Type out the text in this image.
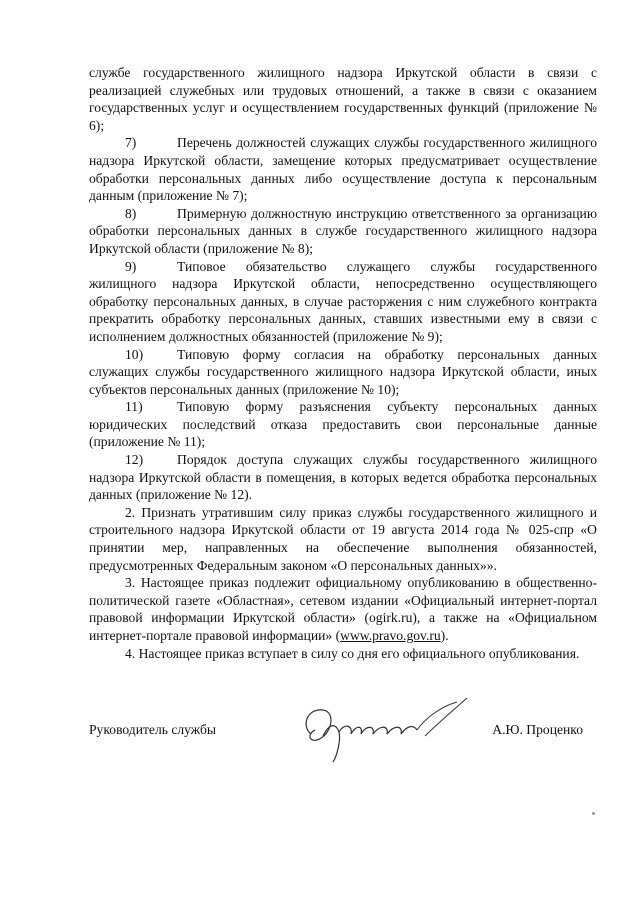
службе государственного жилищного надзора Иркутской области в связи с реализацией служебных или трудовых отношений, а также в связи с оказанием государственных услуг и осуществлением государственных функций (приложение № 6);

7)	Перечень должностей служащих службы государственного жилищного надзора Иркутской области, замещение которых предусматривает осуществление обработки персональных данных либо осуществление доступа к персональным данным (приложение № 7);

8)	Примерную должностную инструкцию ответственного за организацию обработки персональных данных в службе государственного жилищного надзора Иркутской области (приложение № 8);

9)	Типовое обязательство служащего службы государственного жилищного надзора Иркутской области, непосредственно осуществляющего обработку персональных данных, в случае расторжения с ним служебного контракта прекратить обработку персональных данных, ставших известными ему в связи с исполнением должностных обязанностей (приложение № 9);

10) Типовую форму согласия на обработку персональных данных служащих службы государственного жилищного надзора Иркутской области, иных субъектов персональных данных (приложение № 10);

11)	Типовую форму разъяснения субъекту персональных данных юридических последствий отказа предоставить свои персональные данные (приложение № 11);

12) Порядок доступа служащих службы государственного жилищного надзора Иркутской области в помещения, в которых ведется обработка персональных данных (приложение № 12).

2. Признать утратившим силу приказ службы государственного жилищного и строительного надзора Иркутской области от 19 августа 2014 года № 025-спр «О принятии мер, направленных на обеспечение выполнения обязанностей, предусмотренных Федеральным законом «О персональных данных»».

3. Настоящее приказ подлежит официальному опубликованию в общественно-политической газете «Областная», сетевом издании «Официальный интернет-портал правовой информации Иркутской области» (ogirk.ru), а также на «Официальном интернет-портале правовой информации» (www.pravo.gov.ru).

4. Настоящее приказ вступает в силу со дня его официального опубликования.

Руководитель службы	А.Ю. Проценко
